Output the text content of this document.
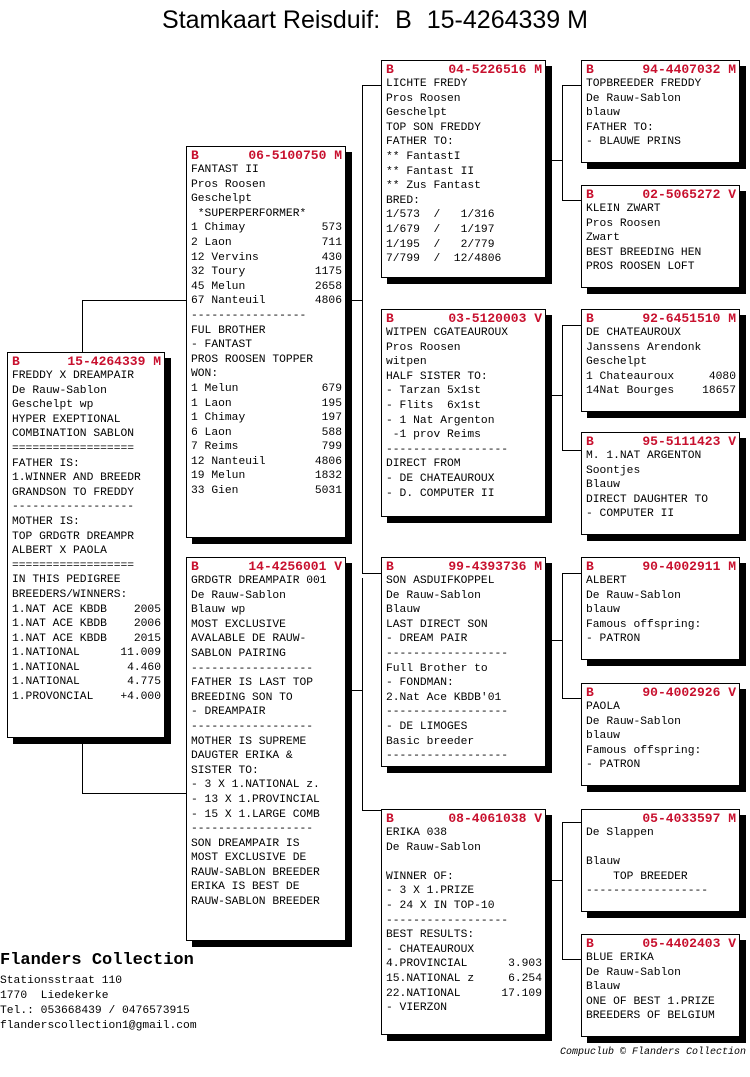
Stamkaart Reisduif: B 15-4264339 M
B	15-4264339 M
FREDDY X DREAMPAIR
De Rauw-Sablon
Geschelpt wp
HYPER EXEPTIONAL
COMBINATION SABLON
==================
FATHER IS:
1.WINNER AND BREEDR
GRANDSON TO FREDDY
------------------
MOTHER IS:
TOP GRDGTR DREAMPR
ALBERT X PAOLA
==================
IN THIS PEDIGREE
BREEDERS/WINNERS:
1.NAT ACE KBDB 2005
1.NAT ACE KBDB 2006
1.NAT ACE KBDB 2015
1.NATIONAL	11.009
1.NATIONAL	4.460
1.NATIONAL	4.775
1.PROVONCIAL +4.000
B	06-5100750 M
FANTAST II
Pros Roosen
Geschelpt
*SUPERPERFORMER*
1 Chimay	573
2 Laon	711
12 Vervins	430
32 Toury	1175
45 Melun	2658
67 Nanteuil	4806
-----------------
FUL BROTHER
- FANTAST
PROS ROOSEN TOPPER
WON:
1 Melun	679
1 Laon	195
1 Chimay	197
6 Laon	588
7 Reims	799
12 Nanteuil	4806
19 Melun	1832
33 Gien	5031
B	14-4256001 V
GRDGTR DREAMPAIR 001
De Rauw-Sablon
Blauw wp
MOST EXCLUSIVE
AVALABLE DE RAUW-
SABLON PAIRING
------------------
FATHER IS LAST TOP
BREEDING SON TO
- DREAMPAIR
------------------
MOTHER IS SUPREME
DAUGTER ERIKA &
SISTER TO:
- 3 X 1.NATIONAL z.
- 13 X 1.PROVINCIAL
- 15 X 1.LARGE COMB
------------------
SON DREAMPAIR IS
MOST EXCLUSIVE DE
RAUW-SABLON BREEDER
ERIKA IS BEST DE
RAUW-SABLON BREEDER
B	04-5226516 M
LICHTE FREDY
Pros Roosen
Geschelpt
TOP SON FREDDY
FATHER TO:
** FantastI
** Fantast II
** Zus Fantast
BRED:
1/573  /   1/316
1/679  /   1/197
1/195  /   2/779
7/799  /  12/4806
B	03-5120003 V
WITPEN CGATEAUROUX
Pros Roosen
witpen
HALF SISTER TO:
- Tarzan 5x1st
- Flits  6x1st
- 1 Nat Argenton
-1 prov Reims
------------------
DIRECT FROM
- DE CHATEAUROUX
- D. COMPUTER II
B	99-4393736 M
SON ASDUIFKOPPEL
De Rauw-Sablon
Blauw
LAST DIRECT SON
- DREAM PAIR
------------------
Full Brother to
- FONDMAN:
2.Nat Ace KBDB'01
------------------
- DE LIMOGES
Basic breeder
------------------
B	08-4061038 V
ERIKA 038
De Rauw-Sablon

WINNER OF:
- 3 X 1.PRIZE
- 24 X IN TOP-10
------------------
BEST RESULTS:
- CHATEAUROUX
4.PROVINCIAL	3.903
15.NATIONAL z	6.254
22.NATIONAL	17.109
- VIERZON
B	94-4407032 M
TOPBREEDER FREDDY
De Rauw-Sablon
blauw
FATHER TO:
- BLAUWE PRINS
B	02-5065272 V
KLEIN ZWART
Pros Roosen
Zwart
BEST BREEDING HEN
PROS ROOSEN LOFT
B	92-6451510 M
DE CHATEAUROUX
Janssens Arendonk
Geschelpt
1 Chateauroux	4080
14Nat Bourges 18657
B	95-5111423 V
M. 1.NAT ARGENTON
Soontjes
Blauw
DIRECT DAUGHTER TO
- COMPUTER II
B	90-4002911 M
ALBERT
De Rauw-Sablon
blauw
Famous offspring:
- PATRON
B	90-4002926 V
PAOLA
De Rauw-Sablon
blauw
Famous offspring:
- PATRON
05-4033597 M
De Slappen

Blauw
TOP BREEDER
------------------
B	05-4402403 V
BLUE ERIKA
De Rauw-Sablon
Blauw
ONE OF BEST 1.PRIZE
BREEDERS OF BELGIUM
Flanders Collection
Stationsstraat 110
1770  Liedekerke
Tel.: 053668439 / 0476573915
flanderscollection1@gmail.com
Compuclub © Flanders Collection
